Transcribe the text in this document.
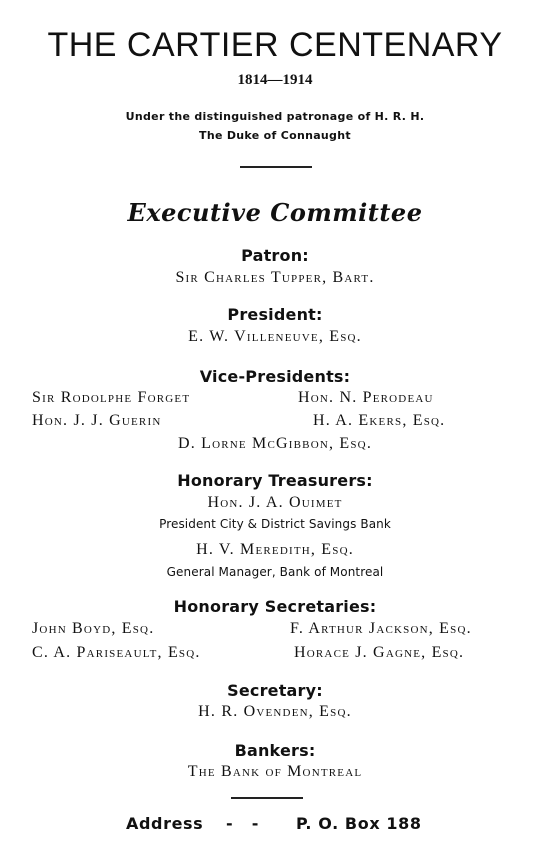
THE CARTIER CENTENARY
1814—1914
Under the distinguished patronage of H. R. H.
The Duke of Connaught
Executive Committee
Patron:
Sir Charles Tupper, Bart.
President:
E. W. Villeneuve, Esq.
Vice-Presidents:
Sir Rodolphe Forget	Hon. N. Perodeau
Hon. J. J. Guerin	H. A. Ekers, Esq.
D. Lorne McGibbon, Esq.
Honorary Treasurers:
Hon. J. A. Ouimet
President City & District Savings Bank
H. V. Meredith, Esq.
General Manager, Bank of Montreal
Honorary Secretaries:
John Boyd, Esq.	F. Arthur Jackson, Esq.
C. A. Pariseault, Esq.	Horace J. Gagne, Esq.
Secretary:
H. R. Ovenden, Esq.
Bankers:
The Bank of Montreal
Address -   - P. O. Box 188
